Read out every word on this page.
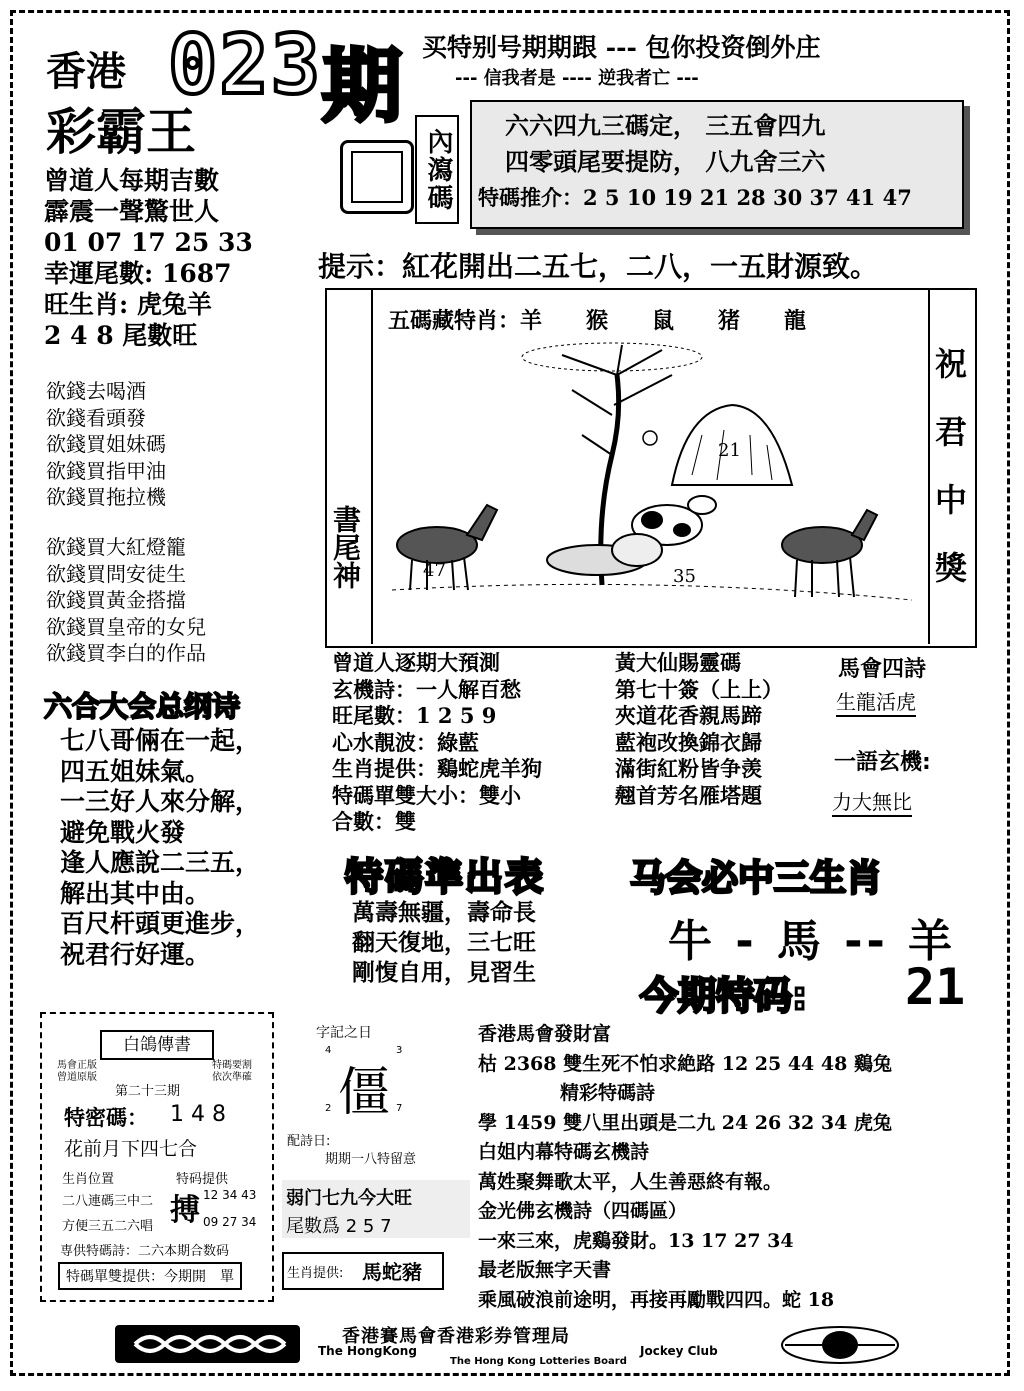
香港 023 期
彩霸王
买特别号期期跟 --- 包你投资倒外庄
--- 信我者是 ---- 逆我者亡 ---
內瀉碼
六六四九三碼定， 三五會四九
四零頭尾要提防， 八九舍三六
特碼推介：2 5 10 19 21 28 30 37 41 47
曾道人每期吉數
霹震一聲驚世人
01 07 17 25 33
幸運尾數: 1687
旺生肖: 虎兔羊
2 4 8 尾數旺
提示：紅花開出二五七，二八，一五財源致。
書尾神
祝
君
中
獎
五碼藏特肖：羊　　猴　　鼠　　猪　　龍
21
47	35
欲錢去喝酒
欲錢看頭發
欲錢買姐妹碼
欲錢買指甲油
欲錢買拖拉機
欲錢買大紅燈籠
欲錢買問安徒生
欲錢買黃金搭擋
欲錢買皇帝的女兒
欲錢買李白的作品
六合大会总纲诗
七八哥倆在一起，
四五姐妹氣。
一三好人來分解，
避免戰火發
逢人應說二三五，
解出其中由。
百尺杆頭更進步，
祝君行好運。
曾道人逐期大預測
玄機詩：一人解百愁
旺尾數：1 2 5 9
心水靚波：綠藍
生肖提供：鷄蛇虎羊狗
特碼單雙大小：雙小
合數：雙
黃大仙賜靈碼
第七十簽（上上）
夾道花香親馬蹄
藍袍改換錦衣歸
滿街紅粉皆争羡
翹首芳名雁塔題
馬會四詩
生龍活虎
一語玄機:
力大無比
特碼準出表
萬壽無疆，壽命長
翻天復地，三七旺
剛愎自用，見習生
马会必中三生肖
牛 - 馬 -- 羊
今期特码: 21
白鴿傳書
馬會正版
曾道原版
特碼要割
依次準確
第二十三期
特密碼： 1 4 8
花前月下四七合
生肖位置
二八連碼三中二
方便三五二六唱
特码提供
搏 12 34 43
09 27 34
専供特碼詩：二六本期合数码
特碼單雙提供：今期開　單
字記之日
4	3
僵
2	7
配詩日:
期期一八特留意
弱门七九今大旺
尾數爲 2 5 7
生肖提供: 馬蛇豬
香港馬會發財富
枯 2368 雙生死不怕求絶路 12 25 44 48 鷄兔
精彩特碼詩
學 1459 雙八里出頭是二九 24 26 32 34 虎兔
白姐内幕特碼玄機詩
萬姓聚舞歌太平，人生善惡終有報。
金光佛玄機詩（四碼區）
一來三來，虎鷄發財。13 17 27 34
最老版無字天書
乘風破浪前途明，再接再勵戰四四。蛇 18
香港賽馬會香港彩券管理局
The HongKong	Jockey Club
The Hong Kong Lotteries Board
